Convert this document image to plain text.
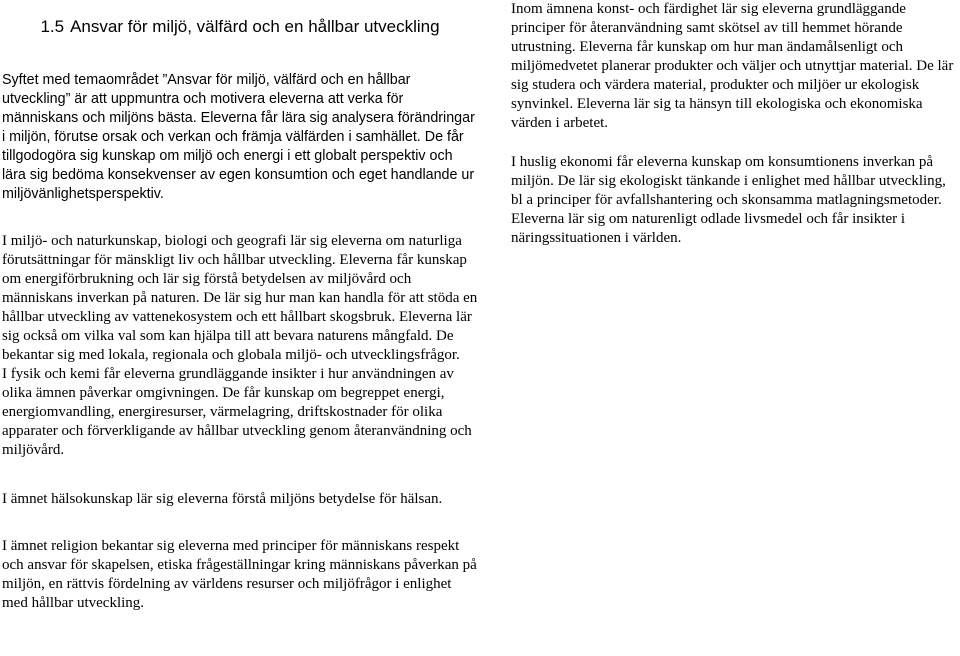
1.5 Ansvar för miljö, välfärd och en hållbar utveckling

Syftet med temaområdet ”Ansvar för miljö, välfärd och en hållbar utveckling” är att uppmuntra och motivera eleverna att verka för människans och miljöns bästa. Eleverna får lära sig analysera förändringar i miljön, förutse orsak och verkan och främja välfärden i samhället. De får tillgodogöra sig kunskap om miljö och energi i ett globalt perspektiv och lära sig bedöma konsekvenser av egen konsumtion och eget handlande ur miljövänlighetsperspektiv.

I miljö- och naturkunskap, biologi och geografi lär sig eleverna om naturliga förutsättningar för mänskligt liv och hållbar utveckling. Eleverna får kunskap om energiförbrukning och lär sig förstå betydelsen av miljövård och människans inverkan på naturen. De lär sig hur man kan handla för att stöda en hållbar utveckling av vattenekosystem och ett hållbart skogsbruk. Eleverna lär sig också om vilka val som kan hjälpa till att bevara naturens mångfald. De bekantar sig med lokala, regionala och globala miljö- och utvecklingsfrågor.

I fysik och kemi får eleverna grundläggande insikter i hur användningen av olika ämnen påverkar omgivningen. De får kunskap om begreppet energi, energiomvandling, energiresurser, värmelagring, driftskostnader för olika apparater och förverkligande av hållbar utveckling genom återanvändning och miljövård.

I ämnet hälsokunskap lär sig eleverna förstå miljöns betydelse för hälsan.

I ämnet religion bekantar sig eleverna med principer för människans respekt och ansvar för skapelsen, etiska frågeställningar kring människans påverkan på miljön, en rättvis fördelning av världens resurser och miljöfrågor i enlighet med hållbar utveckling.

Inom ämnena konst- och färdighet lär sig eleverna grundläggande principer för återanvändning samt skötsel av till hemmet hörande utrustning. Eleverna får kunskap om hur man ändamålsenligt och miljömedvetet planerar produkter och väljer och utnyttjar material. De lär sig studera och värdera material, produkter och miljöer ur ekologisk synvinkel. Eleverna lär sig ta hänsyn till ekologiska och ekonomiska värden i arbetet.

I huslig ekonomi får eleverna kunskap om konsumtionens inverkan på miljön. De lär sig ekologiskt tänkande i enlighet med hållbar utveckling, bl a principer för avfallshantering och skonsamma matlagningsmetoder. Eleverna lär sig om naturenligt odlade livsmedel och får insikter i näringssituationen i världen.
